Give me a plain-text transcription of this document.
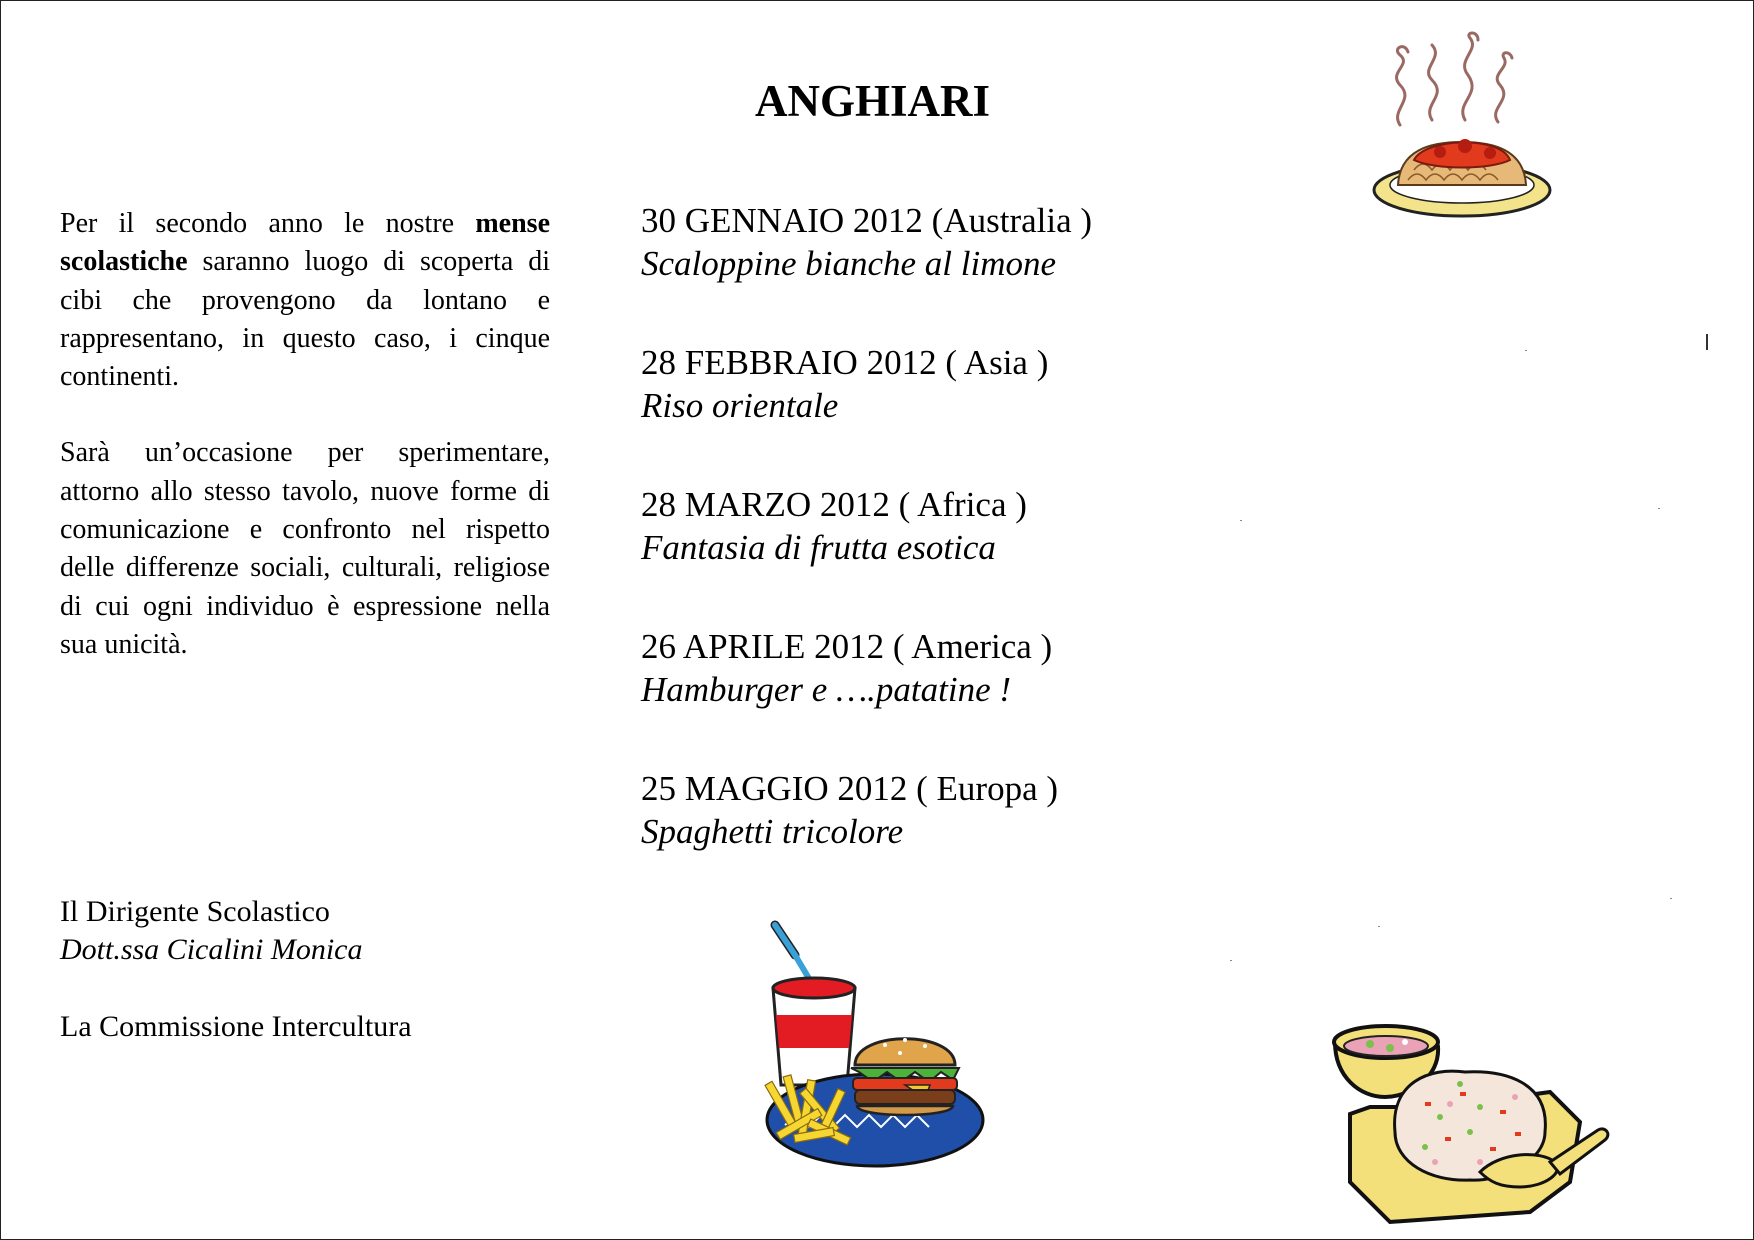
ANGHIARI

Per il secondo anno le nostre mense scolastiche saranno luogo di scoperta di cibi che provengono da lontano e rappresentano, in questo caso, i cinque continenti.

Sarà un’occasione per sperimentare, attorno allo stesso tavolo, nuove forme di comunicazione e confronto nel rispetto delle differenze sociali, culturali, religiose di cui ogni individuo è espressione nella sua unicità.

30 GENNAIO 2012 (Australia )
Scaloppine bianche al limone
28 FEBBRAIO 2012 ( Asia )
Riso orientale
28 MARZO 2012 ( Africa )
Fantasia di frutta esotica
26 APRILE 2012 ( America )
Hamburger e ….patatine !
25 MAGGIO 2012 ( Europa )
Spaghetti tricolore
Il Dirigente Scolastico
Dott.ssa Cicalini Monica
La Commissione Intercultura
